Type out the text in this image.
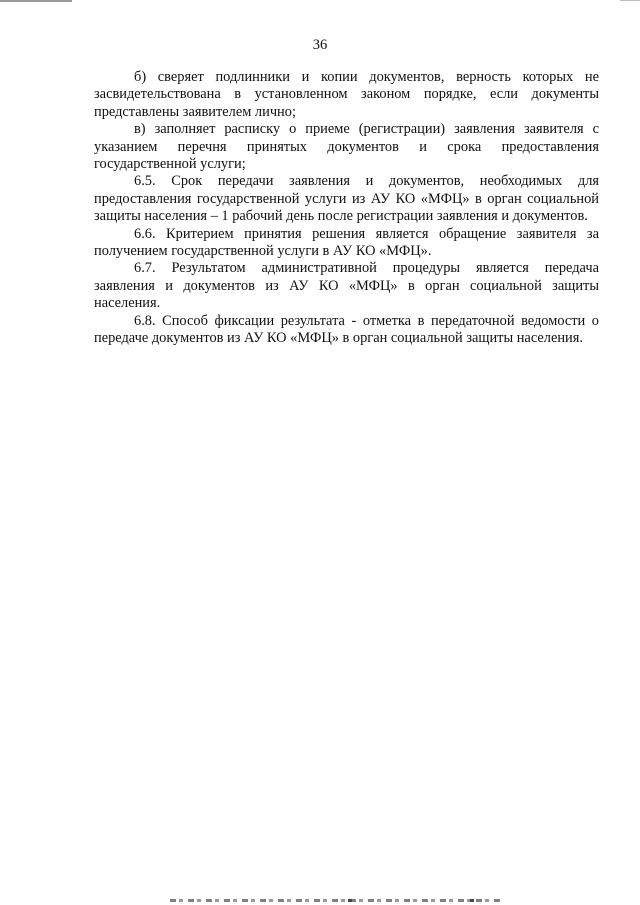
36

б) сверяет подлинники и копии документов, верность которых не засвидетельствована в установленном законом порядке, если документы представлены заявителем лично;

в) заполняет расписку о приеме (регистрации) заявления заявителя с указанием перечня принятых документов и срока предоставления государственной услуги;

6.5. Срок передачи заявления и документов, необходимых для предоставления государственной услуги из АУ КО «МФЦ» в орган социальной защиты населения – 1 рабочий день после регистрации заявления и документов.

6.6. Критерием принятия решения является обращение заявителя за получением государственной услуги в АУ КО «МФЦ».

6.7. Результатом административной процедуры является передача заявления и документов из АУ КО «МФЦ» в орган социальной защиты населения.

6.8. Способ фиксации результата - отметка в передаточной ведомости о передаче документов из АУ КО «МФЦ» в орган социальной защиты населения.
